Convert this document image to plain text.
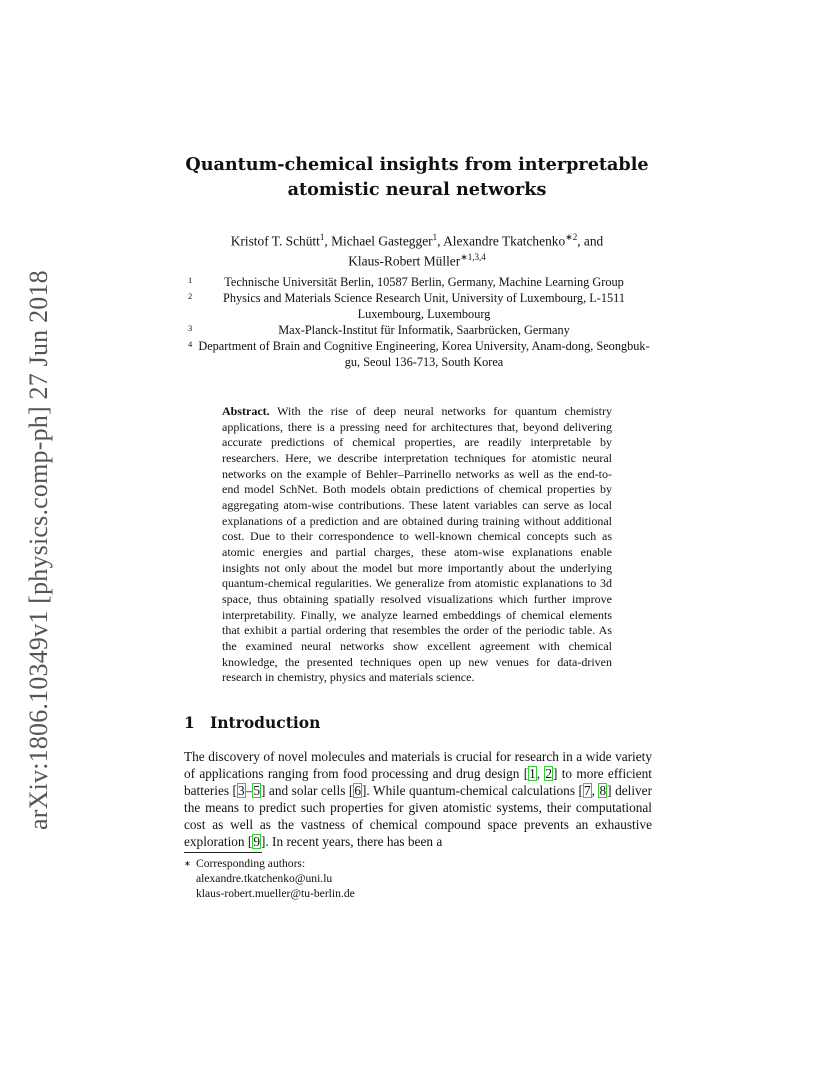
arXiv:1806.10349v1 [physics.comp-ph] 27 Jun 2018
Quantum-chemical insights from interpretable
atomistic neural networks
Kristof T. Schütt$^1$, Michael Gastegger$^1$, Alexandre Tkatchenko$^{∗2}$, and
Klaus-Robert Müller$^{∗1,3,4}$
1	Technische Universität Berlin, 10587 Berlin, Germany, Machine Learning Group
2	Physics and Materials Science Research Unit, University of Luxembourg, L-1511 Luxembourg, Luxembourg
3	Max-Planck-Institut für Informatik, Saarbrücken, Germany
4 Department of Brain and Cognitive Engineering, Korea University, Anam-dong, Seongbuk-gu, Seoul 136-713, South Korea
Abstract. With the rise of deep neural networks for quantum chemistry applications, there is a pressing need for architectures that, beyond delivering accurate predictions of chemical properties, are readily interpretable by researchers. Here, we describe interpretation techniques for atomistic neural networks on the example of Behler–Parrinello networks as well as the end-to-end model SchNet. Both models obtain predictions of chemical properties by aggregating atom-wise contributions. These latent variables can serve as local explanations of a prediction and are obtained during training without additional cost. Due to their correspondence to well-known chemical concepts such as atomic energies and partial charges, these atom-wise explanations enable insights not only about the model but more importantly about the underlying quantum-chemical regularities. We generalize from atomistic explanations to 3d space, thus obtaining spatially resolved visualizations which further improve interpretability. Finally, we analyze learned embeddings of chemical elements that exhibit a partial ordering that resembles the order of the periodic table. As the examined neural networks show excellent agreement with chemical knowledge, the presented techniques open up new venues for data-driven research in chemistry, physics and materials science.
1 Introduction
The discovery of novel molecules and materials is crucial for research in a wide variety of applications ranging from food processing and drug design [1, 2] to more efficient batteries [3–5] and solar cells [6]. While quantum-chemical calculations [7, 8] deliver the means to predict such properties for given atomistic systems, their computational cost as well as the vastness of chemical compound space prevents an exhaustive exploration [9]. In recent years, there has been a
∗ Corresponding authors:
alexandre.tkatchenko@uni.lu
klaus-robert.mueller@tu-berlin.de
